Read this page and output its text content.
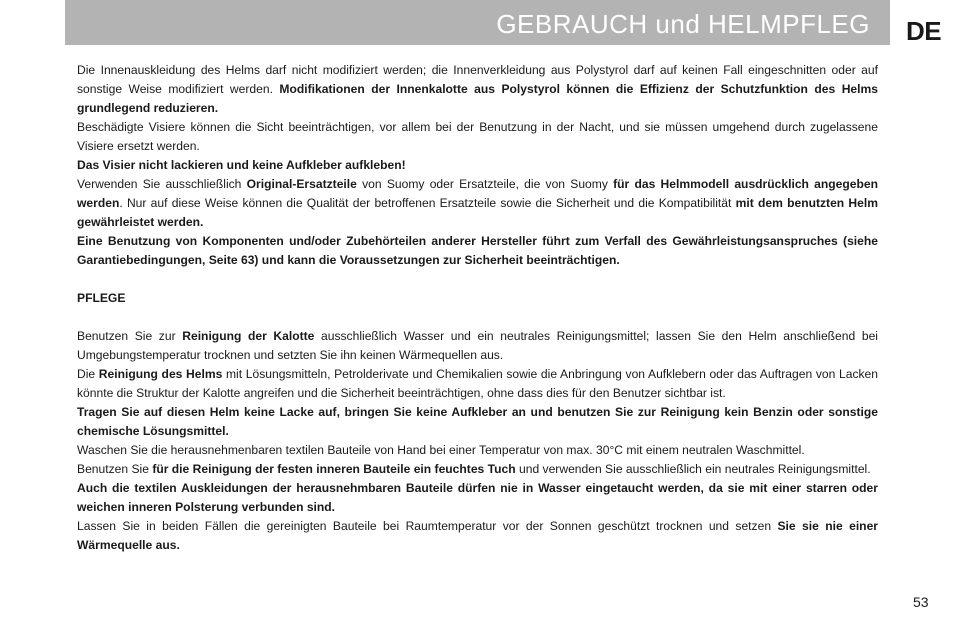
GEBRAUCH und HELMPFLEG DE

Die Innenauskleidung des Helms darf nicht modifiziert werden; die Innenverkleidung aus Polystyrol darf auf keinen Fall eingeschnitten oder auf sonstige Weise modifiziert werden. Modifikationen der Innenkalotte aus Polystyrol können die Effizienz der Schutzfunktion des Helms grundlegend reduzieren.

Beschädigte Visiere können die Sicht beeinträchtigen, vor allem bei der Benutzung in der Nacht, und sie müssen umgehend durch zugelassene Visiere ersetzt werden.

Das Visier nicht lackieren und keine Aufkleber aufkleben!

Verwenden Sie ausschließlich Original-Ersatzteile von Suomy oder Ersatzteile, die von Suomy für das Helmmodell ausdrücklich angegeben werden. Nur auf diese Weise können die Qualität der betroffenen Ersatzteile sowie die Sicherheit und die Kompatibilität mit dem benutzten Helm gewährleistet werden.

Eine Benutzung von Komponenten und/oder Zubehörteilen anderer Hersteller führt zum Verfall des Gewährleistungsanspruches (siehe Garantiebedingungen, Seite 63) und kann die Voraussetzungen zur Sicherheit beeinträchtigen.

PFLEGE

Benutzen Sie zur Reinigung der Kalotte ausschließlich Wasser und ein neutrales Reinigungsmittel; lassen Sie den Helm anschließend bei Umgebungstemperatur trocknen und setzten Sie ihn keinen Wärmequellen aus.

Die Reinigung des Helms mit Lösungsmitteln, Petrolderivate und Chemikalien sowie die Anbringung von Aufklebern oder das Auftragen von Lacken könnte die Struktur der Kalotte angreifen und die Sicherheit beeinträchtigen, ohne dass dies für den Benutzer sichtbar ist.

Tragen Sie auf diesen Helm keine Lacke auf, bringen Sie keine Aufkleber an und benutzen Sie zur Reinigung kein Benzin oder sonstige chemische Lösungsmittel.

Waschen Sie die herausnehmenbaren textilen Bauteile von Hand bei einer Temperatur von max. 30°C mit einem neutralen Waschmittel.

Benutzen Sie für die Reinigung der festen inneren Bauteile ein feuchtes Tuch und verwenden Sie ausschließlich ein neutrales Reinigungsmittel.

Auch die textilen Auskleidungen der herausnehmbaren Bauteile dürfen nie in Wasser eingetaucht werden, da sie mit einer starren oder weichen inneren Polsterung verbunden sind.

Lassen Sie in beiden Fällen die gereinigten Bauteile bei Raumtemperatur vor der Sonnen geschützt trocknen und setzen Sie sie nie einer Wärmequelle aus.

53
